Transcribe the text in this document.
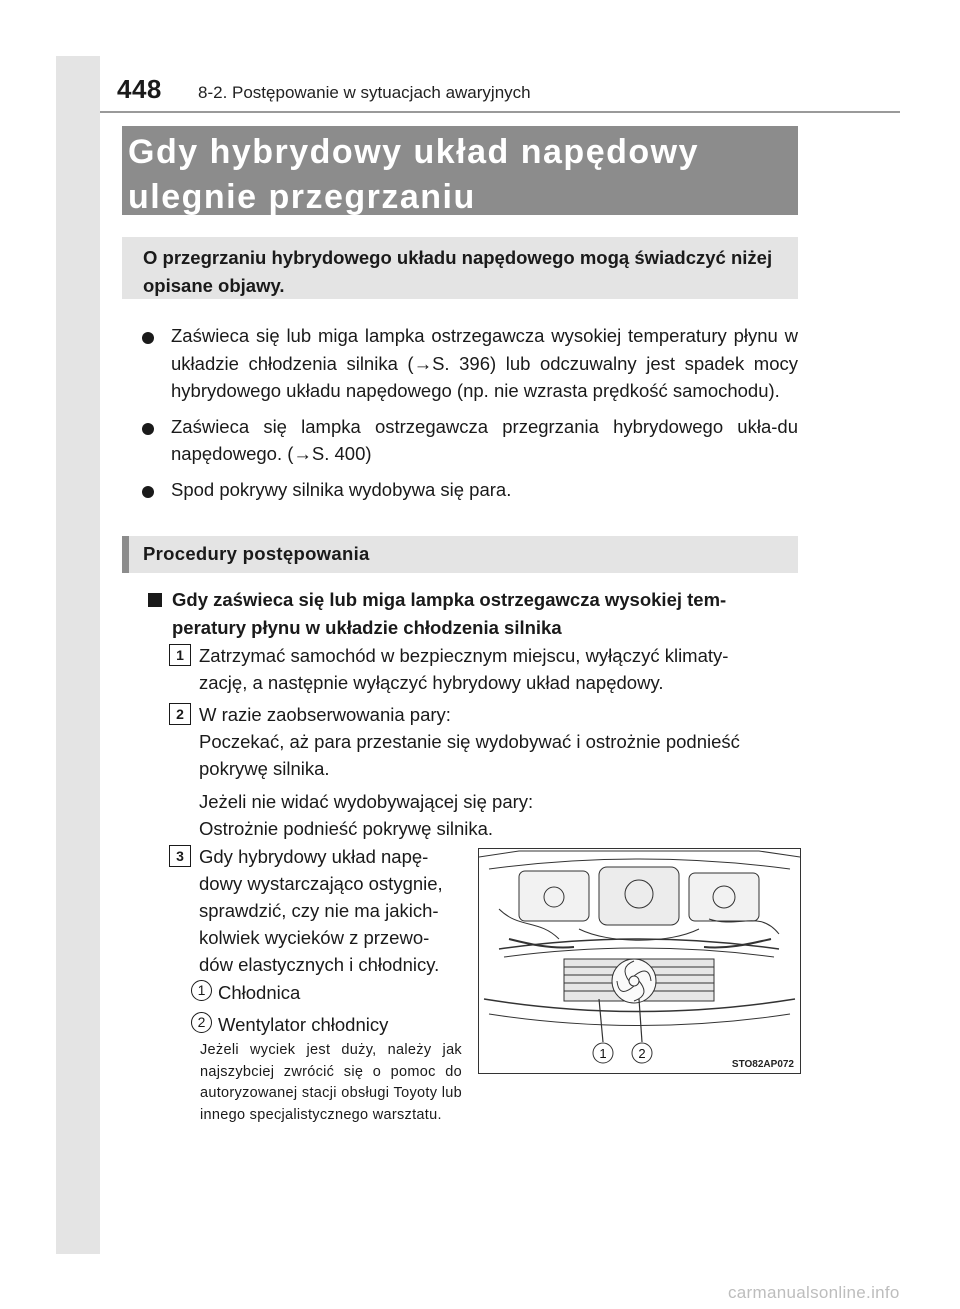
448 8-2. Postępowanie w sytuacjach awaryjnych
Gdy hybrydowy układ napędowy
ulegnie przegrzaniu
O przegrzaniu hybrydowego układu napędowego mogą świadczyć niżej opisane objawy.
Zaświeca się lub miga lampka ostrzegawcza wysokiej temperatury płynu w układzie chłodzenia silnika (→S. 396) lub odczuwalny jest spadek mocy hybrydowego układu napędowego (np. nie wzrasta prędkość samochodu).
Zaświeca się lampka ostrzegawcza przegrzania hybrydowego ukła-du napędowego. (→S. 400)
Spod pokrywy silnika wydobywa się para.
Procedury postępowania
Gdy zaświeca się lub miga lampka ostrzegawcza wysokiej tem-peratury płynu w układzie chłodzenia silnika
1 Zatrzymać samochód w bezpiecznym miejscu, wyłączyć klimaty-
zację, a następnie wyłączyć hybrydowy układ napędowy.
2 W razie zaobserwowania pary:
Poczekać, aż para przestanie się wydobywać i ostrożnie podnieść
pokrywę silnika.
Jeżeli nie widać wydobywającej się pary:
Ostrożnie podnieść pokrywę silnika.
3 Gdy hybrydowy układ napę-
dowy wystarczająco ostygnie,
sprawdzić, czy nie ma jakich-
kolwiek wycieków z przewo-
dów elastycznych i chłodnicy.
1 Chłodnica
2 Wentylator chłodnicy
Jeżeli wyciek jest duży, należy jak najszybciej zwrócić się o pomoc do autoryzowanej stacji obsługi Toyoty lub innego specjalistycznego warsztatu.
1 2
STO82AP072
carmanualsonline.info
